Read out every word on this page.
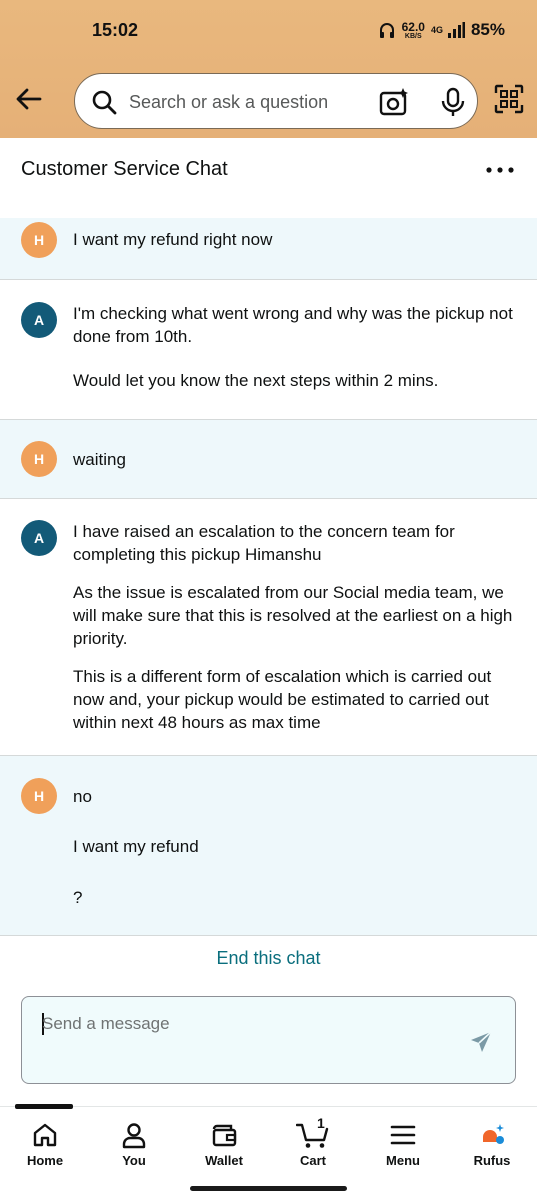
15:02	62.0
KB/S
4G 85%
Search or ask a question
Customer Service Chat
H	I want my refund right now
A	I'm checking what went wrong and why was the pickup not done from 10th.
Would let you know the next steps within 2 mins.
H	waiting
A	I have raised an escalation to the concern team for completing this pickup Himanshu
As the issue is escalated from our Social media team, we will make sure that this is resolved at the earliest on a high priority.
This is a different form of escalation which is carried out now and, your pickup would be estimated to carried out within next 48 hours as max time
H	no
I want my refund
?
End this chat
Send a message
Home	You	Wallet
1
Cart	Menu	Rufus
